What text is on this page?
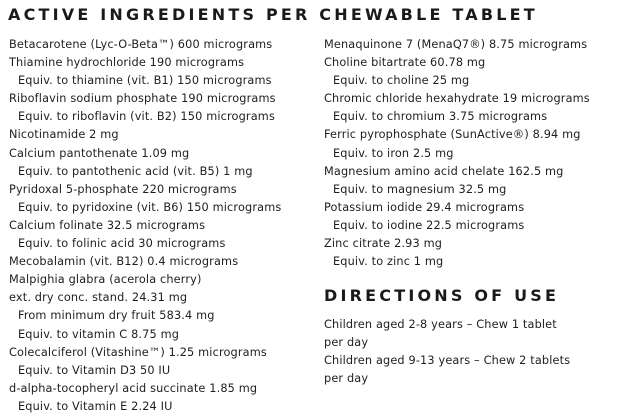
ACTIVE INGREDIENTS PER CHEWABLE TABLET
Betacarotene (Lyc-O-Beta™) 600 micrograms
Thiamine hydrochloride 190 micrograms
Equiv. to thiamine (vit. B1) 150 micrograms
Riboflavin sodium phosphate 190 micrograms
Equiv. to riboflavin (vit. B2) 150 micrograms
Nicotinamide 2 mg
Calcium pantothenate 1.09 mg
Equiv. to pantothenic acid (vit. B5) 1 mg
Pyridoxal 5-phosphate 220 micrograms
Equiv. to pyridoxine (vit. B6) 150 micrograms
Calcium folinate 32.5 micrograms
Equiv. to folinic acid 30 micrograms
Mecobalamin (vit. B12) 0.4 micrograms
Malpighia glabra (acerola cherry)
ext. dry conc. stand. 24.31 mg
From minimum dry fruit 583.4 mg
Equiv. to vitamin C 8.75 mg
Colecalciferol (Vitashine™) 1.25 micrograms
Equiv. to Vitamin D3 50 IU
d-alpha-tocopheryl acid succinate 1.85 mg
Equiv. to Vitamin E 2.24 IU
Menaquinone 7 (MenaQ7®) 8.75 micrograms
Choline bitartrate 60.78 mg
Equiv. to choline 25 mg
Chromic chloride hexahydrate 19 micrograms
Equiv. to chromium 3.75 micrograms
Ferric pyrophosphate (SunActive®) 8.94 mg
Equiv. to iron 2.5 mg
Magnesium amino acid chelate 162.5 mg
Equiv. to magnesium 32.5 mg
Potassium iodide 29.4 micrograms
Equiv. to iodine 22.5 micrograms
Zinc citrate 2.93 mg
Equiv. to zinc 1 mg
DIRECTIONS OF USE
Children aged 2-8 years – Chew 1 tablet
per day
Children aged 9-13 years – Chew 2 tablets
per day
